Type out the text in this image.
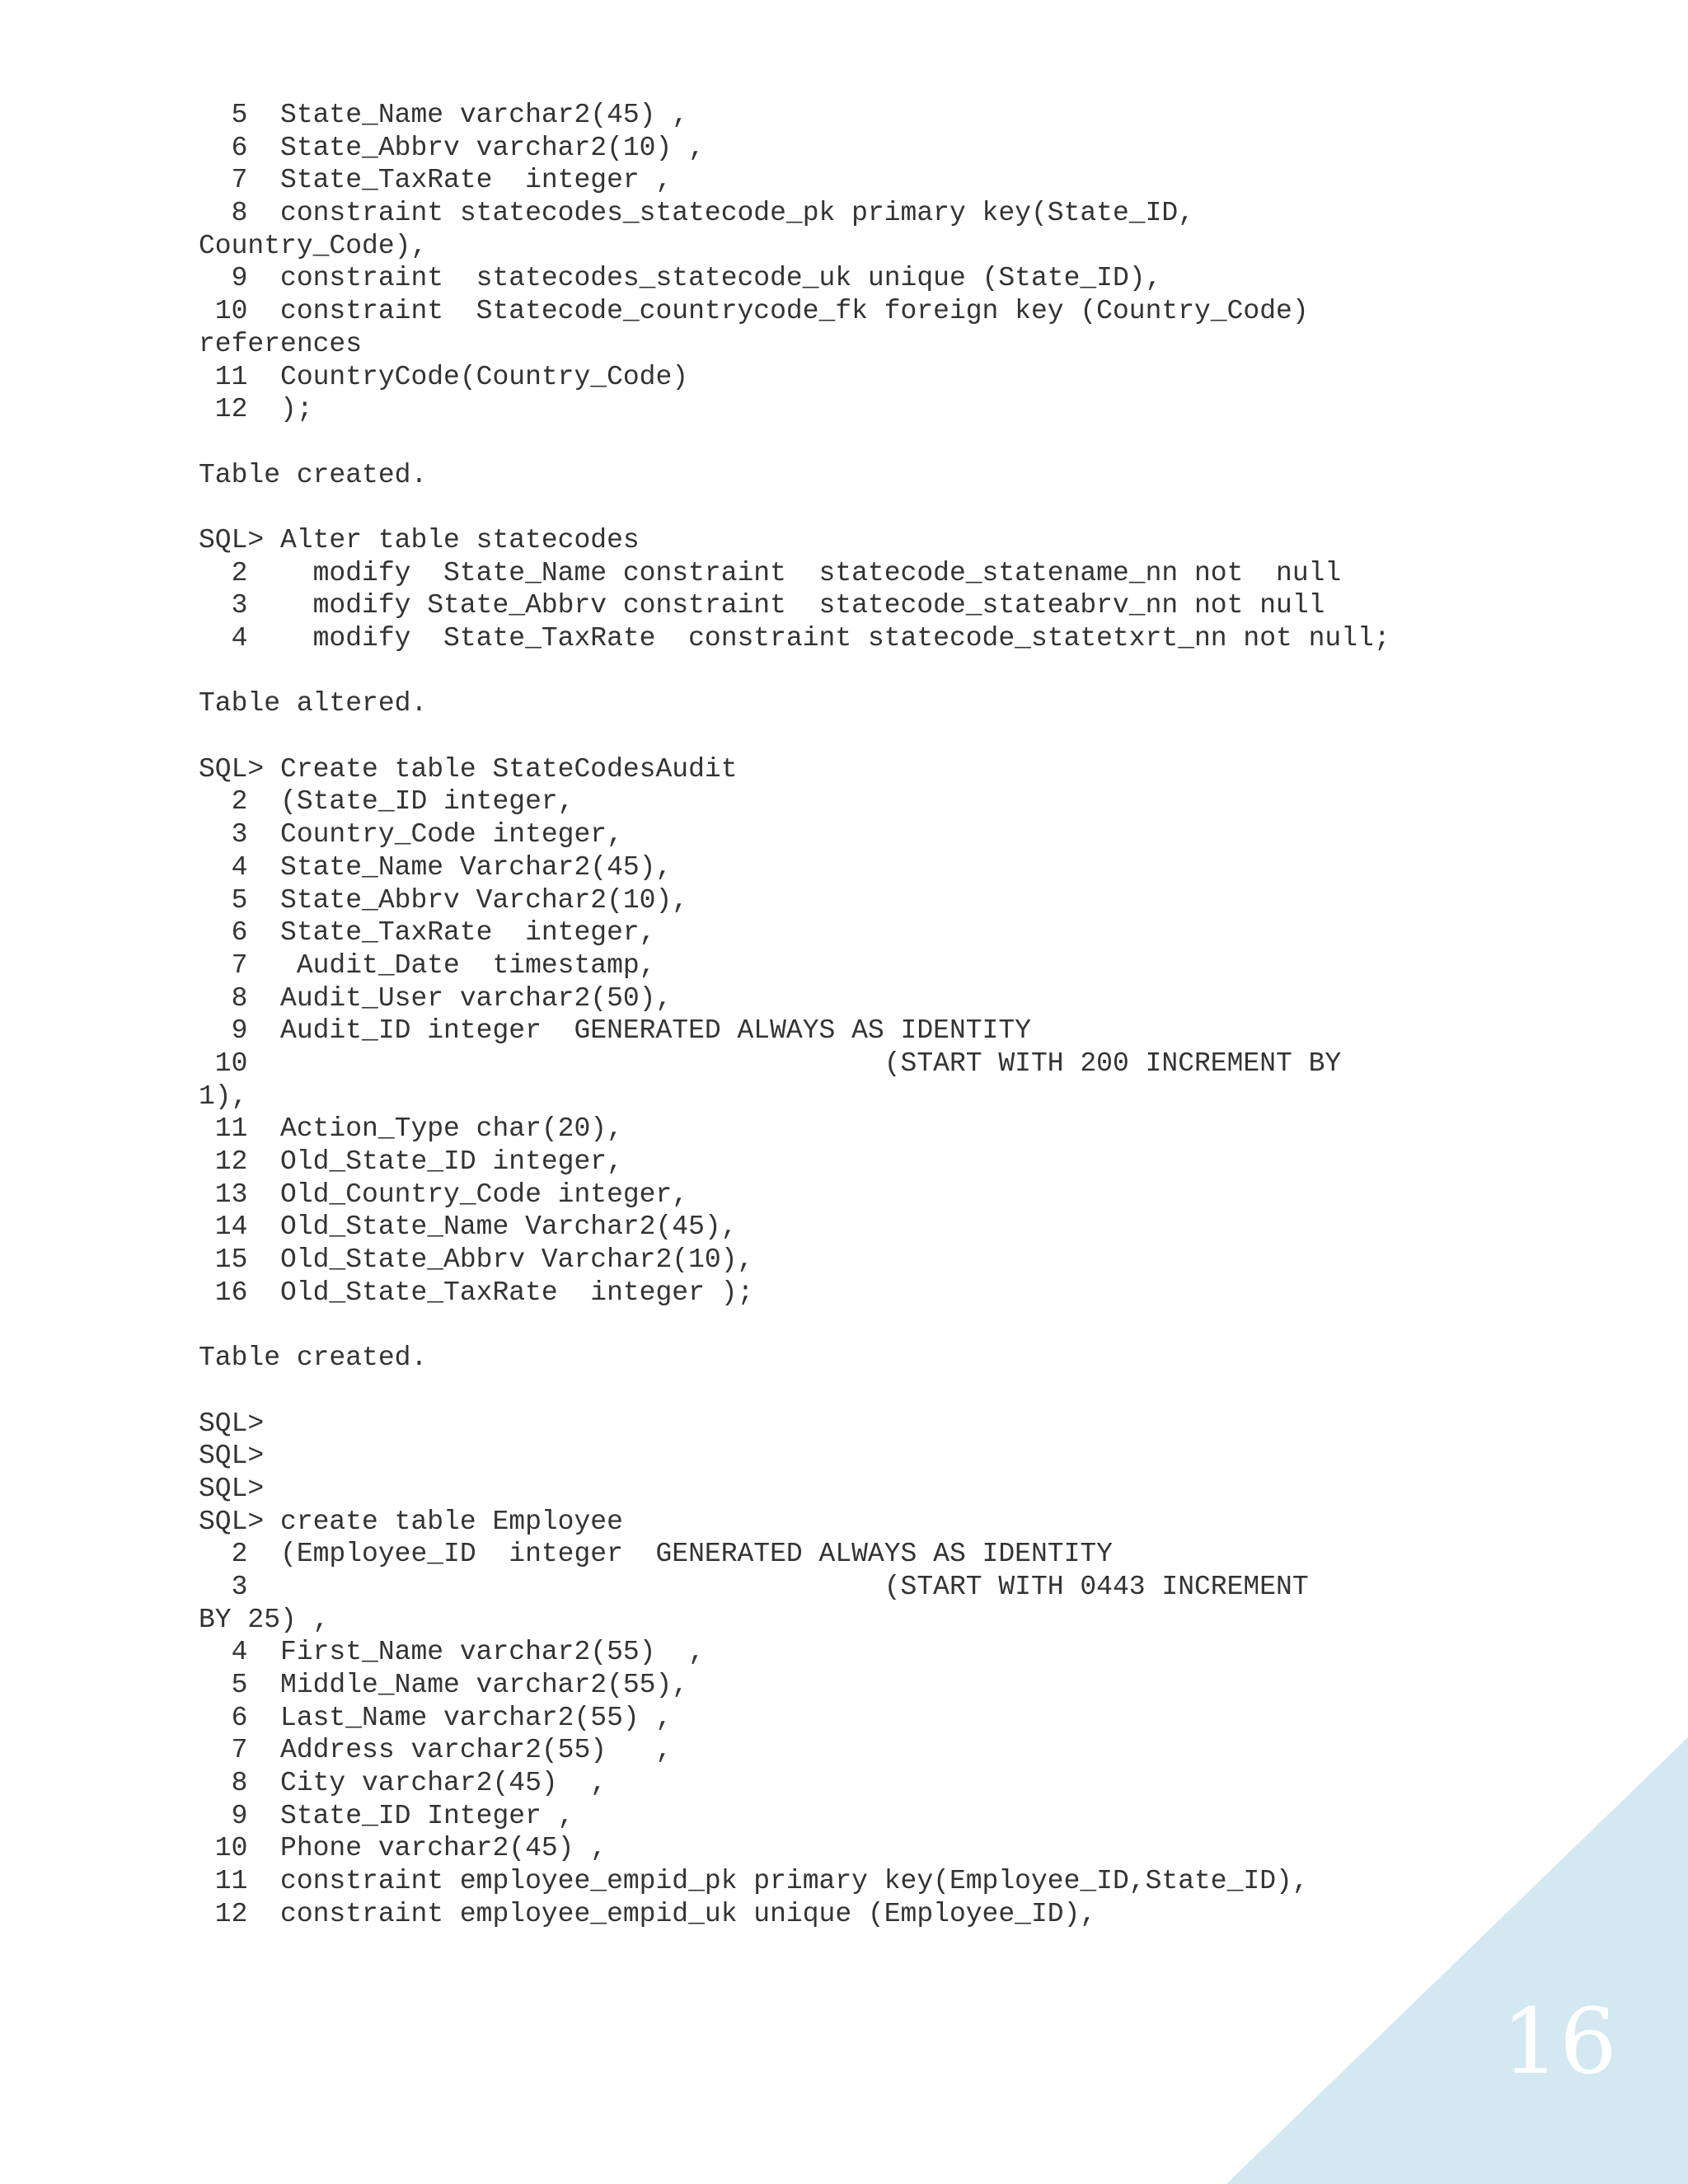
5  State_Name varchar2(45) ,
6  State_Abbrv varchar2(10) ,
7  State_TaxRate  integer ,
8  constraint statecodes_statecode_pk primary key(State_ID,
Country_Code),
9  constraint  statecodes_statecode_uk unique (State_ID),
10  constraint  Statecode_countrycode_fk foreign key (Country_Code)
references
11  CountryCode(Country_Code)
12  );
Table created.
SQL> Alter table statecodes
2    modify  State_Name constraint  statecode_statename_nn not  null
3    modify State_Abbrv constraint  statecode_stateabrv_nn not null
4    modify  State_TaxRate  constraint statecode_statetxrt_nn not null;
Table altered.
SQL> Create table StateCodesAudit
2  (State_ID integer,
3  Country_Code integer,
4  State_Name Varchar2(45),
5  State_Abbrv Varchar2(10),
6  State_TaxRate  integer,
7   Audit_Date  timestamp,
8  Audit_User varchar2(50),
9  Audit_ID integer  GENERATED ALWAYS AS IDENTITY
10                                       (START WITH 200 INCREMENT BY
1),
11  Action_Type char(20),
12  Old_State_ID integer,
13  Old_Country_Code integer,
14  Old_State_Name Varchar2(45),
15  Old_State_Abbrv Varchar2(10),
16  Old_State_TaxRate  integer );
Table created.
SQL>
SQL>
SQL>
SQL> create table Employee
2  (Employee_ID  integer  GENERATED ALWAYS AS IDENTITY
3                                       (START WITH 0443 INCREMENT
BY 25) ,
4  First_Name varchar2(55)  ,
5  Middle_Name varchar2(55),
6  Last_Name varchar2(55) ,
7  Address varchar2(55)   ,
8  City varchar2(45)  ,
9  State_ID Integer ,
10  Phone varchar2(45) ,
11  constraint employee_empid_pk primary key(Employee_ID,State_ID),
12  constraint employee_empid_uk unique (Employee_ID),
16
